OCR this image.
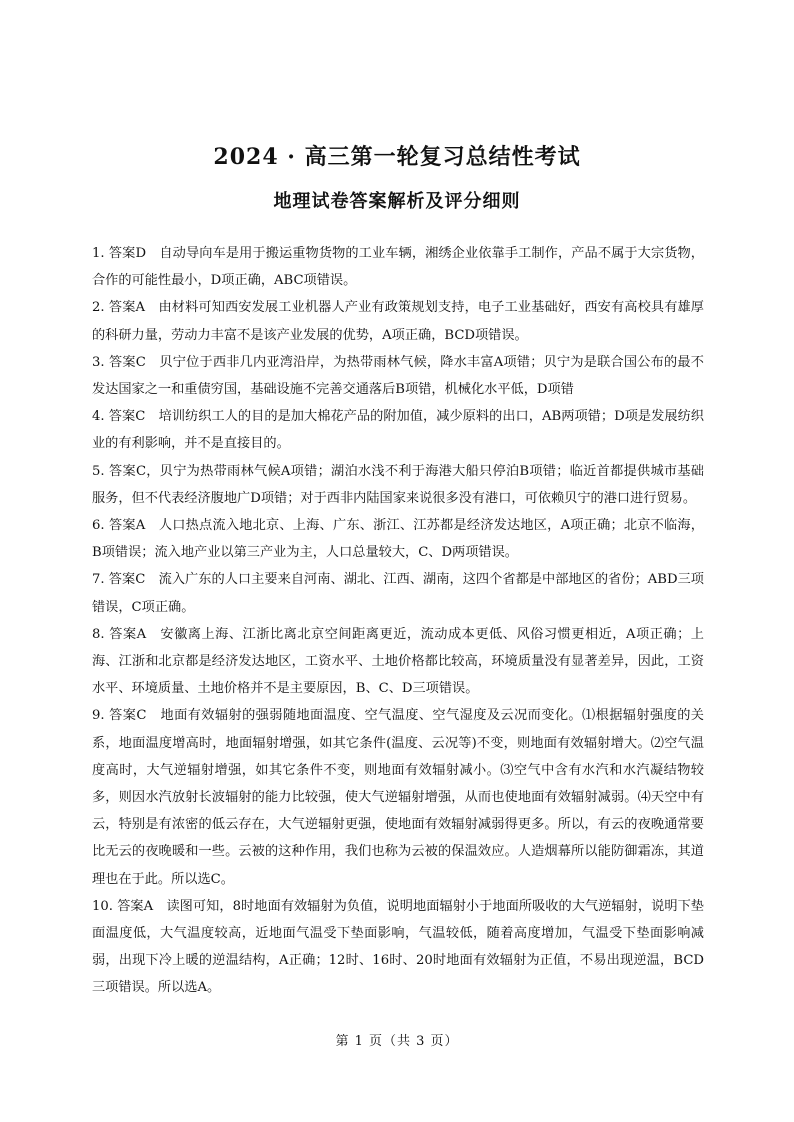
2024 · 高三第一轮复习总结性考试
地理试卷答案解析及评分细则

1. 答案D　自动导向车是用于搬运重物货物的工业车辆，湘绣企业依靠手工制作，产品不属于大宗货物，合作的可能性最小，D项正确，ABC项错误。

2. 答案A　由材料可知西安发展工业机器人产业有政策规划支持，电子工业基础好，西安有高校具有雄厚的科研力量，劳动力丰富不是该产业发展的优势，A项正确，BCD项错误。

3. 答案C　贝宁位于西非几内亚湾沿岸，为热带雨林气候，降水丰富A项错；贝宁为是联合国公布的最不发达国家之一和重债穷国，基础设施不完善交通落后B项错，机械化水平低，D项错

4. 答案C　培训纺织工人的目的是加大棉花产品的附加值，减少原料的出口，AB两项错；D项是发展纺织业的有利影响，并不是直接目的。

5. 答案C，贝宁为热带雨林气候A项错；湖泊水浅不利于海港大船只停泊B项错；临近首都提供城市基础服务，但不代表经济腹地广D项错；对于西非内陆国家来说很多没有港口，可依赖贝宁的港口进行贸易。

6. 答案A　人口热点流入地北京、上海、广东、浙江、江苏都是经济发达地区，A项正确；北京不临海，B项错误；流入地产业以第三产业为主，人口总量较大，C、D两项错误。

7. 答案C　流入广东的人口主要来自河南、湖北、江西、湖南，这四个省都是中部地区的省份；ABD三项错误，C项正确。

8. 答案A　安徽离上海、江浙比离北京空间距离更近，流动成本更低、风俗习惯更相近，A项正确；上海、江浙和北京都是经济发达地区，工资水平、土地价格都比较高，环境质量没有显著差异，因此，工资水平、环境质量、土地价格并不是主要原因，B、C、D三项错误。

9. 答案C　地面有效辐射的强弱随地面温度、空气温度、空气湿度及云况而变化。⑴根据辐射强度的关系，地面温度增高时，地面辐射增强，如其它条件(温度、云况等)不变，则地面有效辐射增大。⑵空气温度高时，大气逆辐射增强，如其它条件不变，则地面有效辐射减小。⑶空气中含有水汽和水汽凝结物较多，则因水汽放射长波辐射的能力比较强，使大气逆辐射增强，从而也使地面有效辐射减弱。⑷天空中有云，特别是有浓密的低云存在，大气逆辐射更强，使地面有效辐射减弱得更多。所以，有云的夜晚通常要比无云的夜晚暖和一些。云被的这种作用，我们也称为云被的保温效应。人造烟幕所以能防御霜冻，其道理也在于此。所以选C。

10. 答案A　读图可知，8时地面有效辐射为负值，说明地面辐射小于地面所吸收的大气逆辐射，说明下垫面温度低，大气温度较高，近地面气温受下垫面影响，气温较低，随着高度增加，气温受下垫面影响减弱，出现下冷上暖的逆温结构，A正确；12时、16时、20时地面有效辐射为正值，不易出现逆温，BCD三项错误。所以选A。

第 1 页（共 3 页）
